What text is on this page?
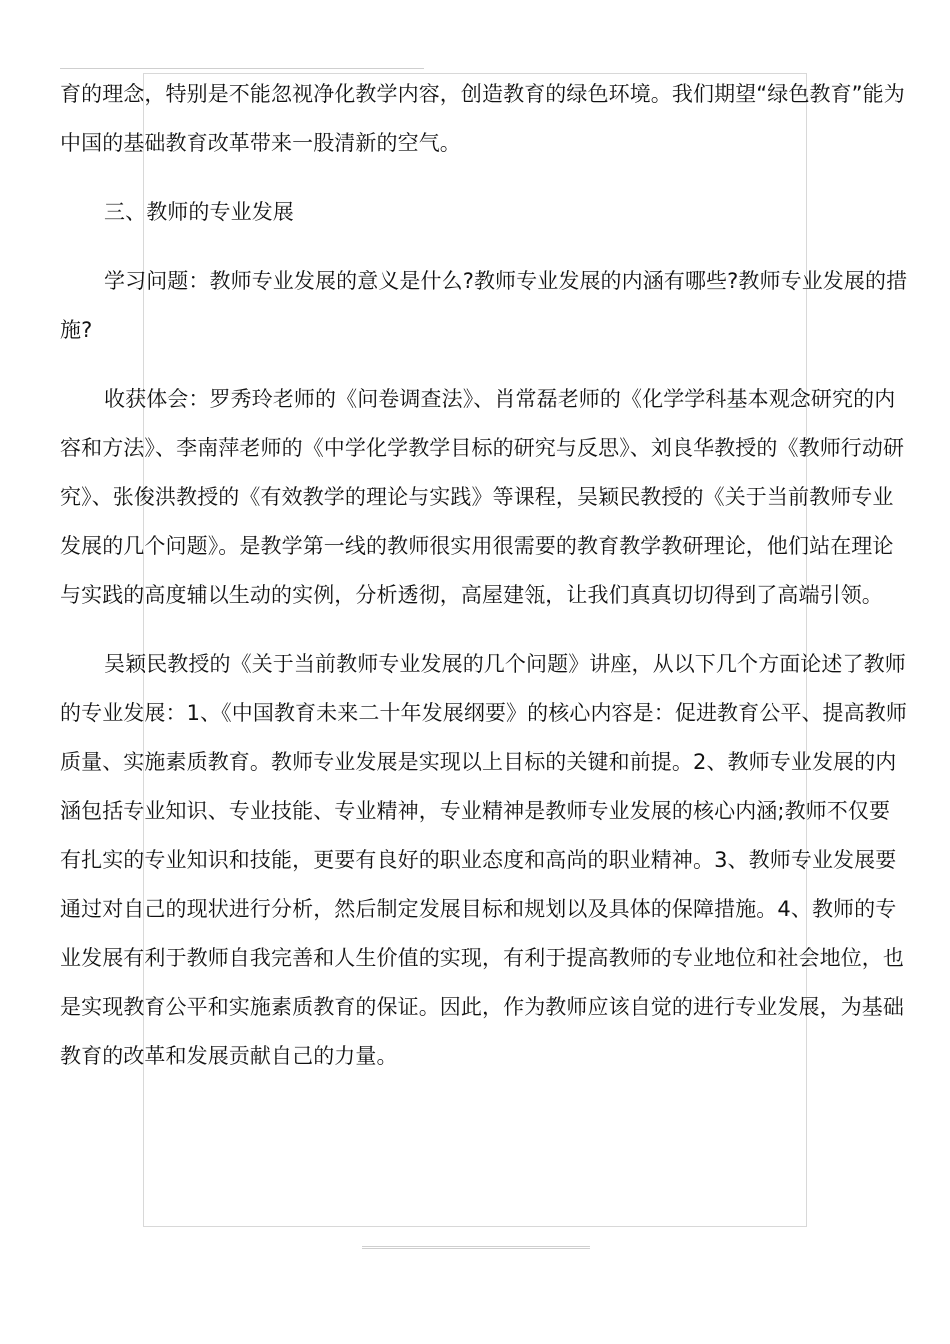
育的理念，特别是不能忽视净化教学内容，创造教育的绿色环境。我们期望“绿色教育”能为中国的基础教育改革带来一股清新的空气。

三、教师的专业发展

学习问题：教师专业发展的意义是什么?教师专业发展的内涵有哪些?教师专业发展的措施?

收获体会：罗秀玲老师的《问卷调查法》、肖常磊老师的《化学学科基本观念研究的内容和方法》、李南萍老师的《中学化学教学目标的研究与反思》、刘良华教授的《教师行动研究》、张俊洪教授的《有效教学的理论与实践》等课程，吴颖民教授的《关于当前教师专业发展的几个问题》。是教学第一线的教师很实用很需要的教育教学教研理论，他们站在理论与实践的高度辅以生动的实例，分析透彻，高屋建瓴，让我们真真切切得到了高端引领。

吴颖民教授的《关于当前教师专业发展的几个问题》讲座，从以下几个方面论述了教师的专业发展：1、《中国教育未来二十年发展纲要》的核心内容是：促进教育公平、提高教师质量、实施素质教育。教师专业发展是实现以上目标的关键和前提。2、教师专业发展的内涵包括专业知识、专业技能、专业精神，专业精神是教师专业发展的核心内涵;教师不仅要有扎实的专业知识和技能，更要有良好的职业态度和高尚的职业精神。3、教师专业发展要通过对自己的现状进行分析，然后制定发展目标和规划以及具体的保障措施。4、教师的专业发展有利于教师自我完善和人生价值的实现，有利于提高教师的专业地位和社会地位，也是实现教育公平和实施素质教育的保证。因此，作为教师应该自觉的进行专业发展，为基础教育的改革和发展贡献自己的力量。
